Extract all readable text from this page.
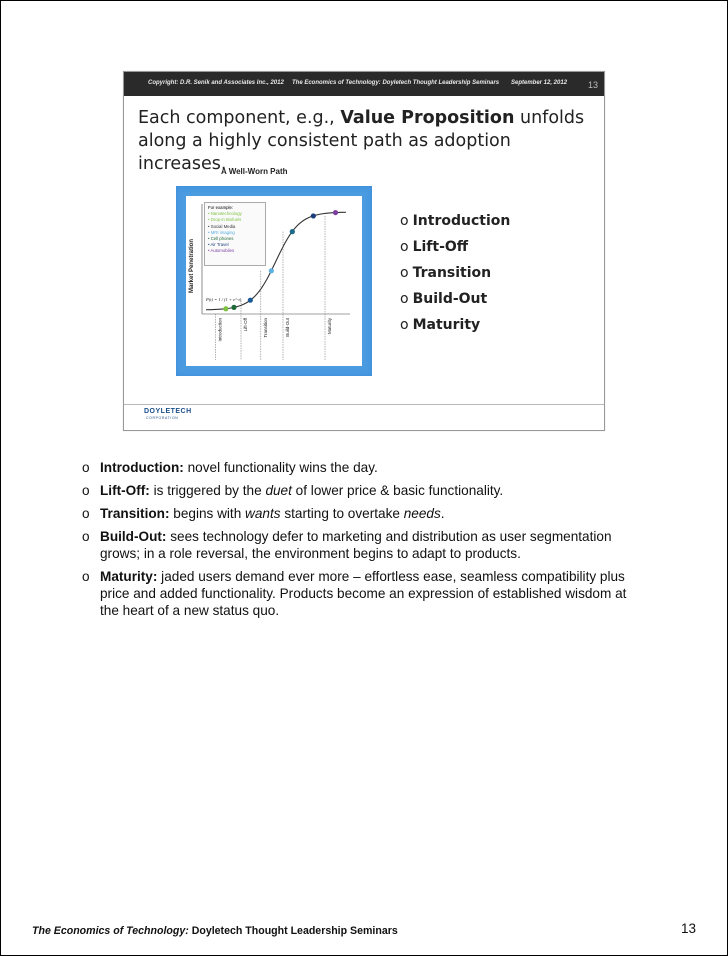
Copyright: D.R. Senik and Associates Inc., 2012 The Economics of Technology: Doyletech Thought Leadership Seminars September 12, 2012 13
Each component, e.g., Value Proposition unfolds along a highly consistent path as adoption increases.
A Well-Worn Path
Market Penetration
P(t) = 1 / (1 + e^-t)
Introduction	Lift-Off	Transition	Build-Out	Maturity
For example:
• Nanotechnology
• Drop-in Biofuels
• Social Media
• MRI imaging
• Cell phones
• Air Travel
• Automobiles
o Introduction
o Lift-Off
o Transition
o Build-Out
o Maturity
DOYLETECH
CORPORATION
o Introduction: novel functionality wins the day.
o Lift-Off: is triggered by the duet of lower price & basic functionality.
o Transition: begins with wants starting to overtake needs.
o Build-Out: sees technology defer to marketing and distribution as user segmentation grows; in a role reversal, the environment begins to adapt to products.
o Maturity: jaded users demand ever more – effortless ease, seamless compatibility plus price and added functionality. Products become an expression of established wisdom at the heart of a new status quo.
The Economics of Technology: Doyletech Thought Leadership Seminars	13
